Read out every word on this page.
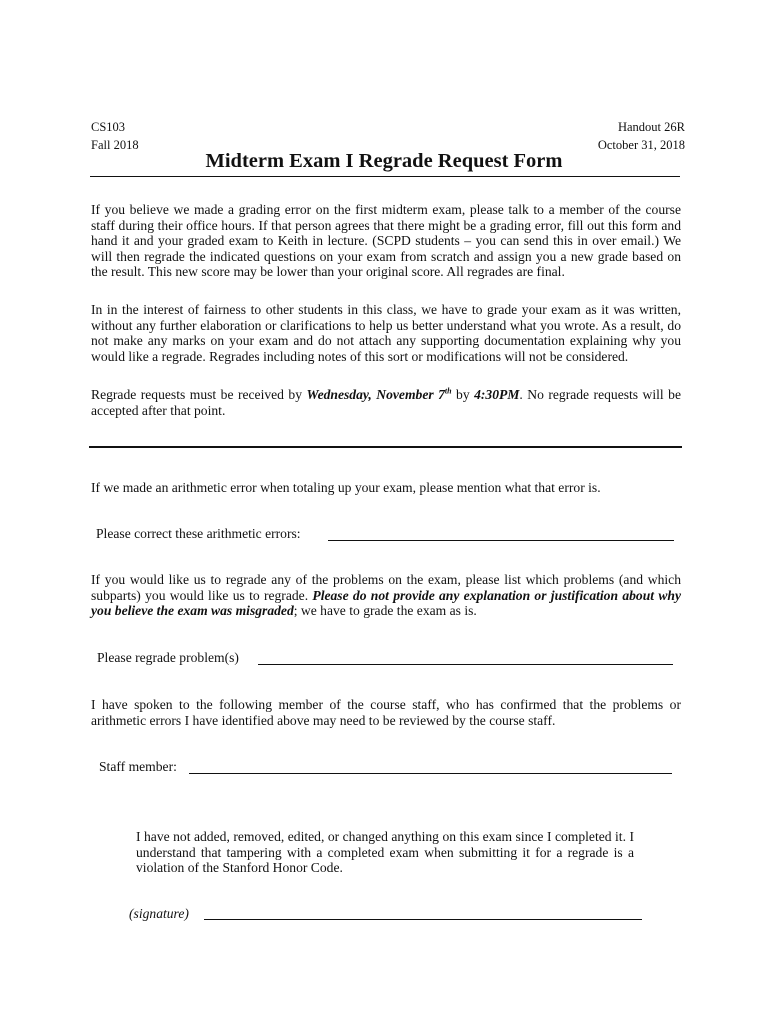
CS103
Fall 2018
Handout 26R
October 31, 2018
Midterm Exam I Regrade Request Form
If you believe we made a grading error on the first midterm exam, please talk to a member of the course staff during their office hours. If that person agrees that there might be a grading error, fill out this form and hand it and your graded exam to Keith in lecture. (SCPD students – you can send this in over email.) We will then regrade the indicated questions on your exam from scratch and assign you a new grade based on the result. This new score may be lower than your original score. All regrades are final.
In in the interest of fairness to other students in this class, we have to grade your exam as it was written, without any further elaboration or clarifications to help us better understand what you wrote. As a result, do not make any marks on your exam and do not attach any supporting documentation explaining why you would like a regrade. Regrades including notes of this sort or modifications will not be considered.
Regrade requests must be received by Wednesday, November 7th by 4:30PM. No regrade requests will be accepted after that point.
If we made an arithmetic error when totaling up your exam, please mention what that error is.
Please correct these arithmetic errors:
If you would like us to regrade any of the problems on the exam, please list which problems (and which subparts) you would like us to regrade. Please do not provide any explanation or justification about why you believe the exam was misgraded; we have to grade the exam as is.
Please regrade problem(s)
I have spoken to the following member of the course staff, who has confirmed that the problems or arithmetic errors I have identified above may need to be reviewed by the course staff.
Staff member:
I have not added, removed, edited, or changed anything on this exam since I completed it. I understand that tampering with a completed exam when submitting it for a regrade is a violation of the Stanford Honor Code.
(signature)
